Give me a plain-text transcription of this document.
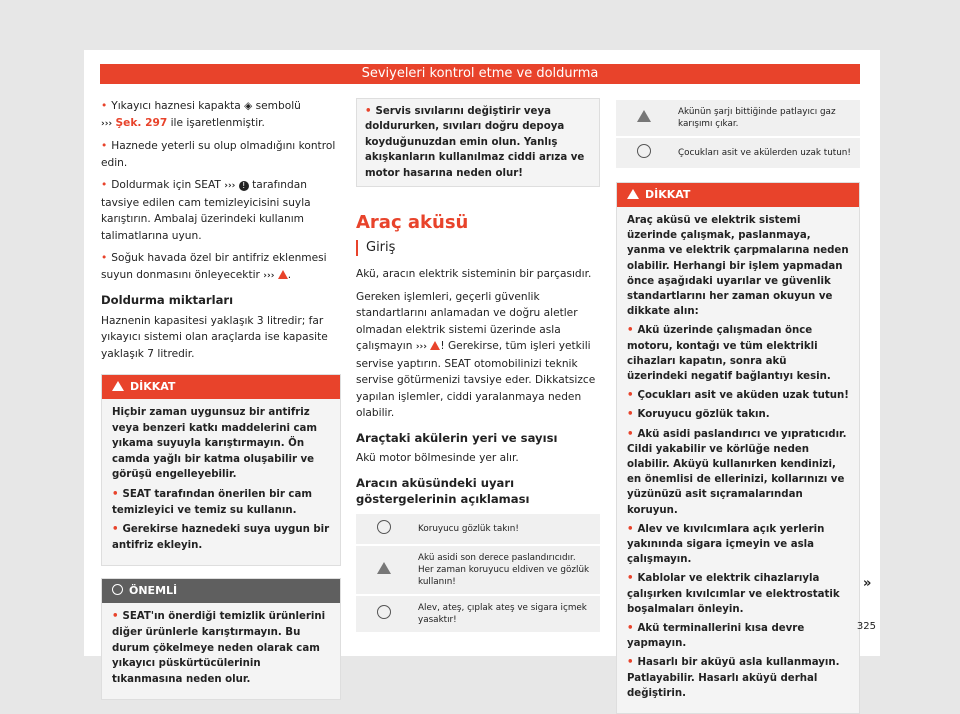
Seviyeleri kontrol etme ve doldurma

• Yıkayıcı haznesi kapakta ◈ sembolü
››› Şek. 297 ile işaretlenmiştir.

• Haznede yeterli su olup olmadığını kontrol edin.

• Doldurmak için SEAT ››› ! tarafından tavsiye edilen cam temizleyicisini suyla karıştırın. Ambalaj üzerindeki kullanım talimatlarına uyun.

• Soğuk havada özel bir antifriz eklenmesi suyun donmasını önleyecektir ››› .

Doldurma miktarları

Haznenin kapasitesi yaklaşık 3 litredir; far yıkayıcı sistemi olan araçlarda ise kapasite yaklaşık 7 litredir.

DİKKAT

Hiçbir zaman uygunsuz bir antifriz veya benzeri katkı maddelerini cam yıkama suyuyla karıştırmayın. Ön camda yağlı bir katma oluşabilir ve görüşü engelleyebilir.

• SEAT tarafından önerilen bir cam temizleyici ve temiz su kullanın.

• Gerekirse haznedeki suya uygun bir antifriz ekleyin.

ÖNEMLİ

• SEAT'ın önerdiği temizlik ürünlerini diğer ürünlerle karıştırmayın. Bu durum çökelmeye neden olarak cam yıkayıcı püskürtücülerinin tıkanmasına neden olur.

• Servis sıvılarını değiştirir veya doldururken, sıvıları doğru depoya koyduğunuzdan emin olun. Yanlış akışkanların kullanılmaz ciddi arıza ve motor hasarına neden olur!

Araç aküsü

Giriş

Akü, aracın elektrik sisteminin bir parçasıdır.

Gereken işlemleri, geçerli güvenlik standartlarını anlamadan ve doğru aletler olmadan elektrik sistemi üzerinde asla çalışmayın ››› ! Gerekirse, tüm işleri yetkili servise yaptırın. SEAT otomobilinizi teknik servise götürmenizi tavsiye eder. Dikkatsizce yapılan işlemler, ciddi yaralanmaya neden olabilir.

Araçtaki akülerin yeri ve sayısı

Akü motor bölmesinde yer alır.

Aracın aküsündeki uyarı göstergelerinin açıklaması
	Koruyucu gözlük takın!
	Akü asidi son derece paslandırıcıdır. Her zaman koruyucu eldiven ve gözlük kullanın!
	Alev, ateş, çıplak ateş ve sigara içmek yasaktır!
	Akünün şarjı bittiğinde patlayıcı gaz karışımı çıkar.
	Çocukları asit ve akülerden uzak tutun!
DİKKAT

Araç aküsü ve elektrik sistemi üzerinde çalışmak, paslanmaya, yanma ve elektrik çarpmalarına neden olabilir. Herhangi bir işlem yapmadan önce aşağıdaki uyarılar ve güvenlik standartlarını her zaman okuyun ve dikkate alın:

• Akü üzerinde çalışmadan önce motoru, kontağı ve tüm elektrikli cihazları kapatın, sonra akü üzerindeki negatif bağlantıyı kesin.

• Çocukları asit ve aküden uzak tutun!

• Koruyucu gözlük takın.

• Akü asidi paslandırıcı ve yıpratıcıdır. Cildi yakabilir ve körlüğe neden olabilir. Aküyü kullanırken kendinizi, en önemlisi de ellerinizi, kollarınızı ve yüzünüzü asit sıçramalarından koruyun.

• Alev ve kıvılcımlara açık yerlerin yakınında sigara içmeyin ve asla çalışmayın.

• Kablolar ve elektrik cihazlarıyla çalışırken kıvılcımlar ve elektrostatik boşalmaları önleyin.

• Akü terminallerini kısa devre yapmayın.

• Hasarlı bir aküyü asla kullanmayın. Patlayabilir. Hasarlı aküyü derhal değiştirin.

»
325
